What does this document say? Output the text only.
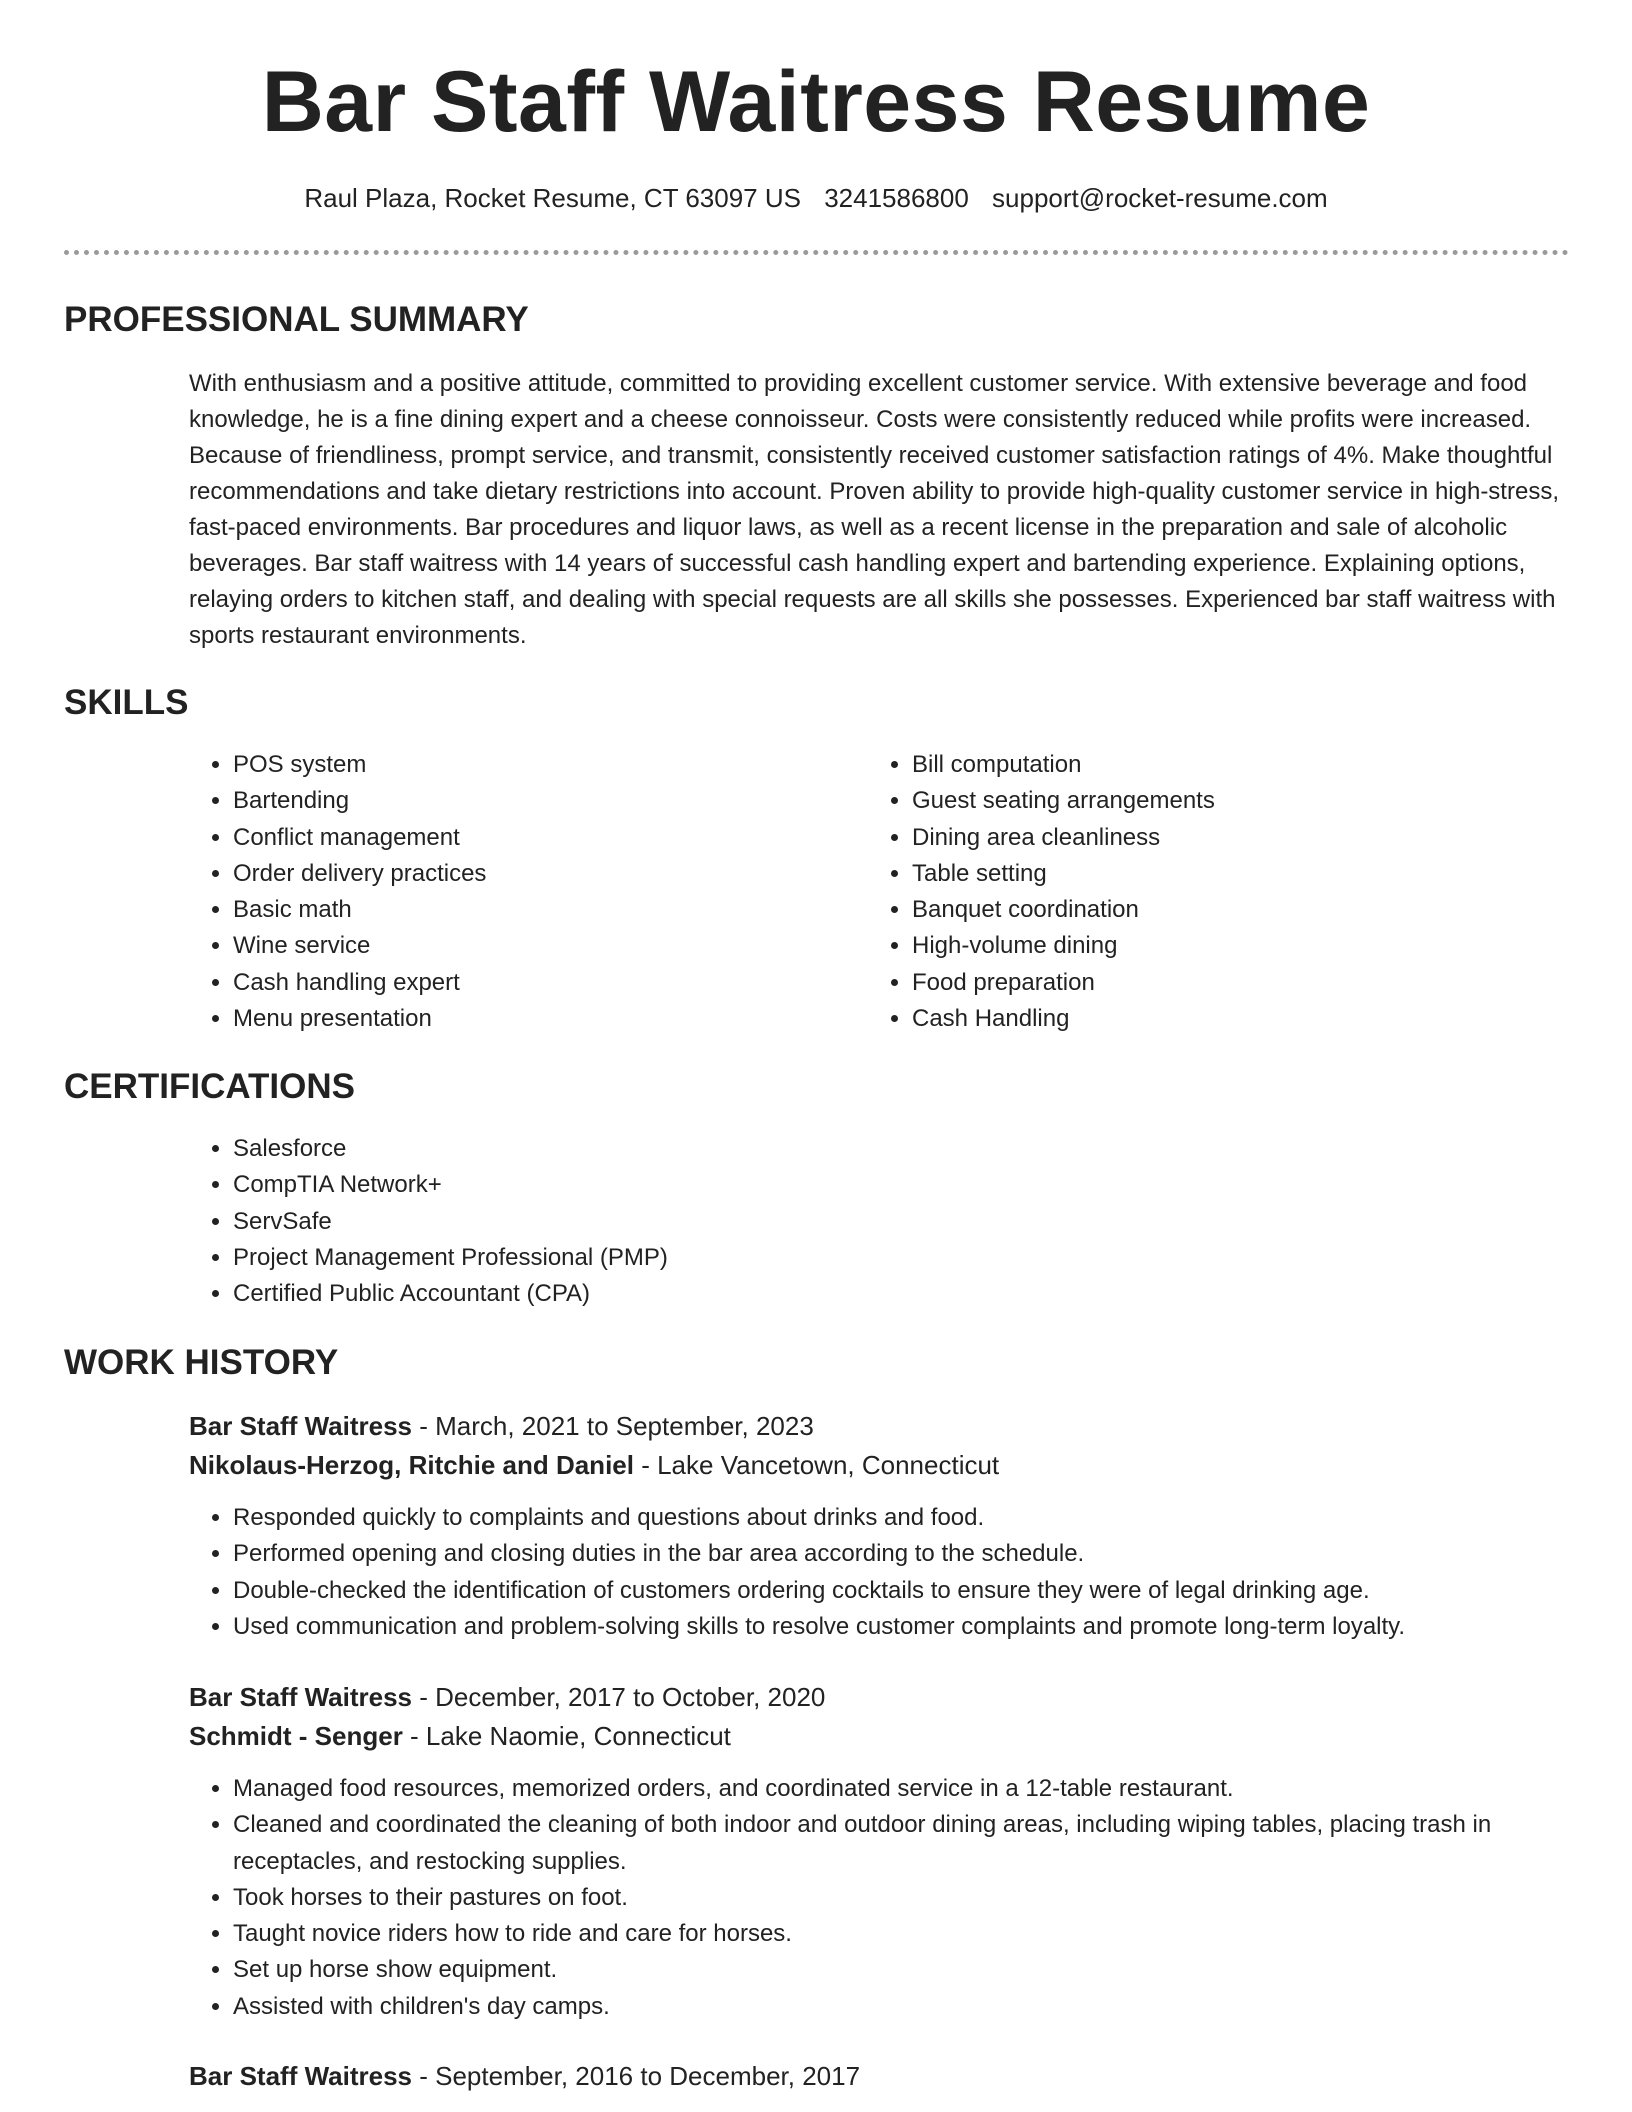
Bar Staff Waitress Resume
Raul Plaza, Rocket Resume, CT 63097 US 3241586800 support@rocket-resume.com
PROFESSIONAL SUMMARY

With enthusiasm and a positive attitude, committed to providing excellent customer service. With extensive beverage and food knowledge, he is a fine dining expert and a cheese connoisseur. Costs were consistently reduced while profits were increased. Because of friendliness, prompt service, and transmit, consistently received customer satisfaction ratings of 4%. Make thoughtful recommendations and take dietary restrictions into account. Proven ability to provide high-quality customer service in high-stress, fast-paced environments. Bar procedures and liquor laws, as well as a recent license in the preparation and sale of alcoholic beverages. Bar staff waitress with 14 years of successful cash handling expert and bartending experience. Explaining options, relaying orders to kitchen staff, and dealing with special requests are all skills she possesses. Experienced bar staff waitress with sports restaurant environments.

SKILLS
• POS system
• Bartending
• Conflict management
• Order delivery practices
• Basic math
• Wine service
• Cash handling expert
• Menu presentation
• Bill computation
• Guest seating arrangements
• Dining area cleanliness
• Table setting
• Banquet coordination
• High-volume dining
• Food preparation
• Cash Handling
CERTIFICATIONS
• Salesforce
• CompTIA Network+
• ServSafe
• Project Management Professional (PMP)
• Certified Public Accountant (CPA)
WORK HISTORY
Bar Staff Waitress - March, 2021 to September, 2023
Nikolaus-Herzog, Ritchie and Daniel - Lake Vancetown, Connecticut
• Responded quickly to complaints and questions about drinks and food.
• Performed opening and closing duties in the bar area according to the schedule.
• Double-checked the identification of customers ordering cocktails to ensure they were of legal drinking age.
• Used communication and problem-solving skills to resolve customer complaints and promote long-term loyalty.
Bar Staff Waitress - December, 2017 to October, 2020
Schmidt - Senger - Lake Naomie, Connecticut
• Managed food resources, memorized orders, and coordinated service in a 12-table restaurant.
• Cleaned and coordinated the cleaning of both indoor and outdoor dining areas, including wiping tables, placing trash in receptacles, and restocking supplies.
• Took horses to their pastures on foot.
• Taught novice riders how to ride and care for horses.
• Set up horse show equipment.
• Assisted with children's day camps.
Bar Staff Waitress - September, 2016 to December, 2017
